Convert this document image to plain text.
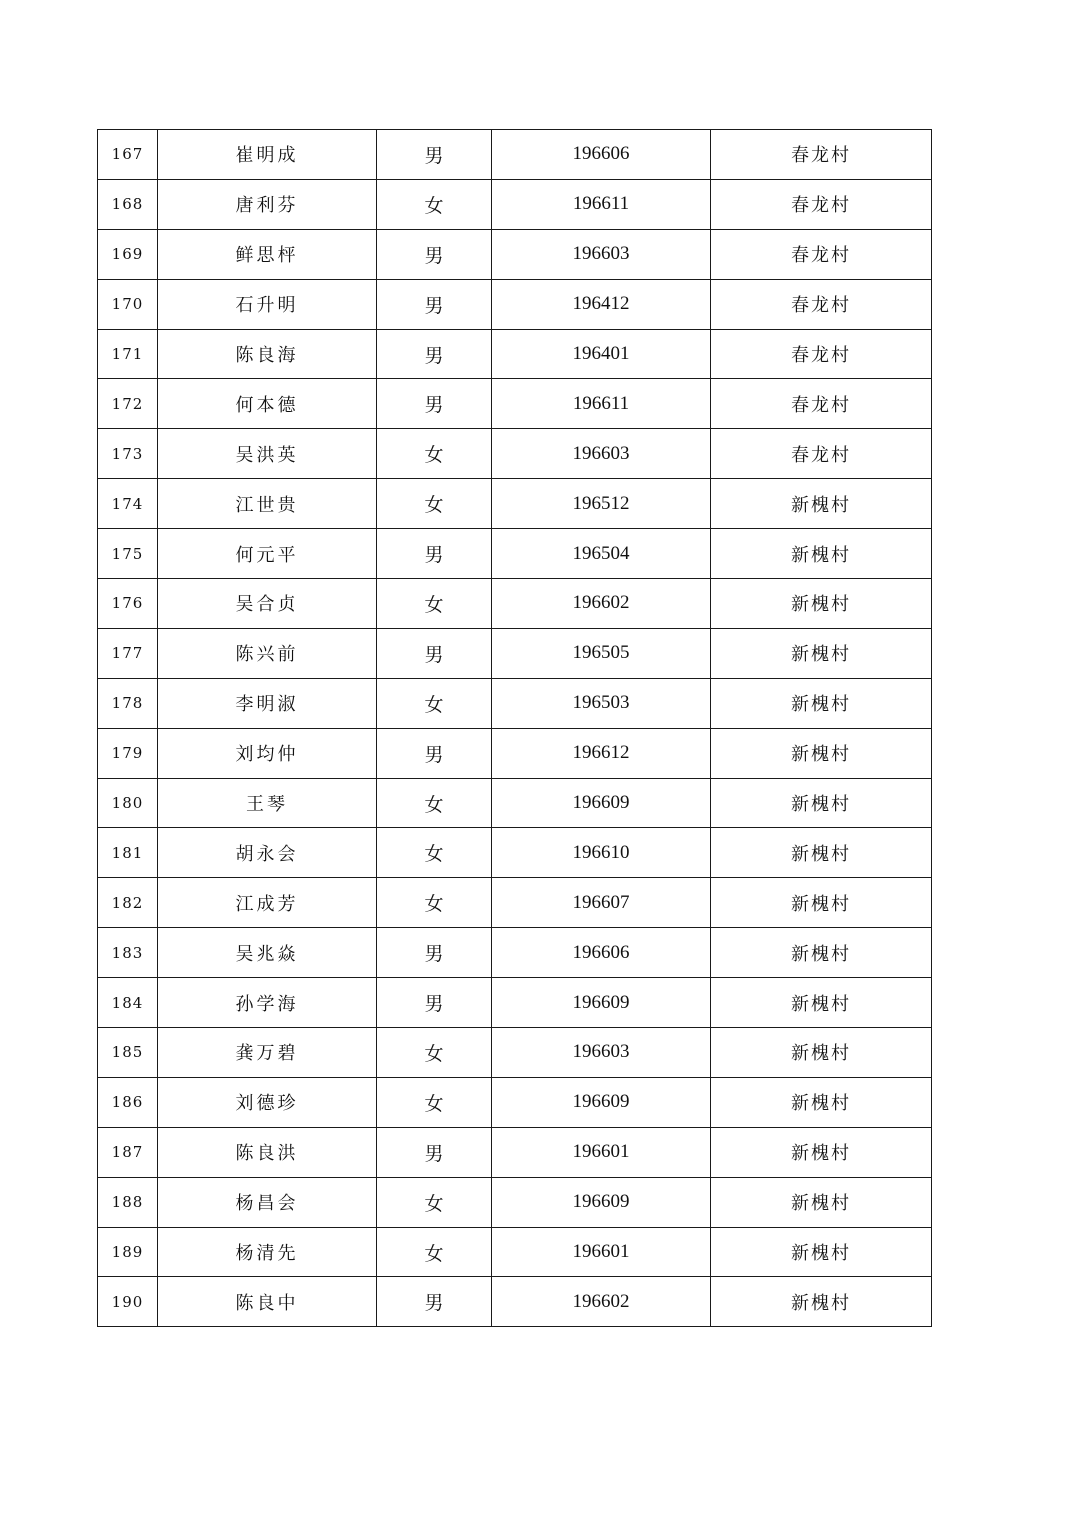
167	崔明成	男	196606	春龙村
168	唐利芬	女	196611	春龙村
169	鲜思枰	男	196603	春龙村
170	石升明	男	196412	春龙村
171	陈良海	男	196401	春龙村
172	何本德	男	196611	春龙村
173	吴洪英	女	196603	春龙村
174	江世贵	女	196512	新槐村
175	何元平	男	196504	新槐村
176	吴合贞	女	196602	新槐村
177	陈兴前	男	196505	新槐村
178	李明淑	女	196503	新槐村
179	刘均仲	男	196612	新槐村
180	王琴	女	196609	新槐村
181	胡永会	女	196610	新槐村
182	江成芳	女	196607	新槐村
183	吴兆焱	男	196606	新槐村
184	孙学海	男	196609	新槐村
185	龚万碧	女	196603	新槐村
186	刘德珍	女	196609	新槐村
187	陈良洪	男	196601	新槐村
188	杨昌会	女	196609	新槐村
189	杨清先	女	196601	新槐村
190	陈良中	男	196602	新槐村
